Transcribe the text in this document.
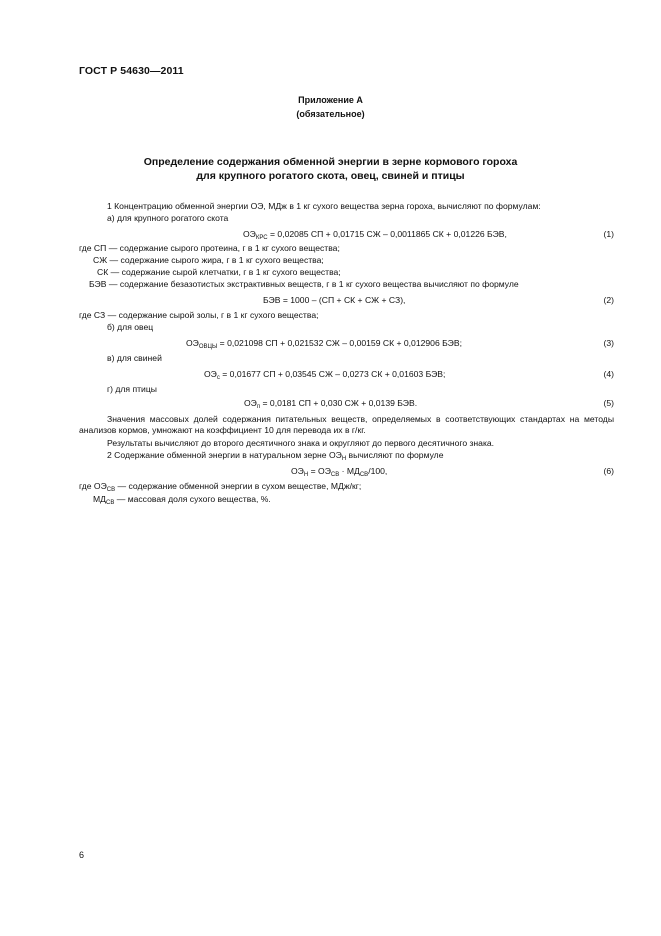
ГОСТ Р 54630—2011
Приложение А
(обязательное)
Определение содержания обменной энергии в зерне кормового гороха
для крупного рогатого скота, овец, свиней и птицы
1 Концентрацию обменной энергии ОЭ, МДж в 1 кг сухого вещества зерна гороха, вычисляют по формулам:
а) для крупного рогатого скота
$ОЭ_{КРС} = 0,02085$ СП + 0,01715 СЖ – 0,0011865 СК + 0,01226 БЭВ,	(1)
где СП — содержание сырого протеина, г в 1 кг сухого вещества;
СЖ — содержание сырого жира, г в 1 кг сухого вещества;
СК — содержание сырой клетчатки, г в 1 кг сухого вещества;
БЭВ — содержание безазотистых экстрактивных веществ, г в 1 кг сухого вещества вычисляют по формуле
БЭВ = 1000 – (СП + СК + СЖ + СЗ),	(2)
где СЗ — содержание сырой золы, г в 1 кг сухого вещества;
б) для овец
$ОЭ_{ОВЦЫ} = 0,021098$ СП + 0,021532 СЖ – 0,00159 СК + 0,012906 БЭВ;	(3)
в) для свиней
$ОЭ_с = 0,01677$ СП + 0,03545 СЖ – 0,0273 СК + 0,01603 БЭВ;	(4)
г) для птицы
$ОЭ_п = 0,0181$ СП + 0,030 СЖ + 0,0139 БЭВ.	(5)
Значения массовых долей содержания питательных веществ, определяемых в соответствующих стандартах на методы анализов кормов, умножают на коэффициент 10 для перевода их в г/кг.
Результаты вычисляют до второго десятичного знака и округляют до первого десятичного знака.
2 Содержание обменной энергии в натуральном зерне $ОЭ_Н$ вычисляют по формуле
$ОЭ_Н = ОЭ_{СВ} \cdot МД_{СВ}/100$,	(6)
где $ОЭ_{СВ}$ — содержание обменной энергии в сухом веществе, МДж/кг;
$МД_{СВ}$ — массовая доля сухого вещества, %.
6
